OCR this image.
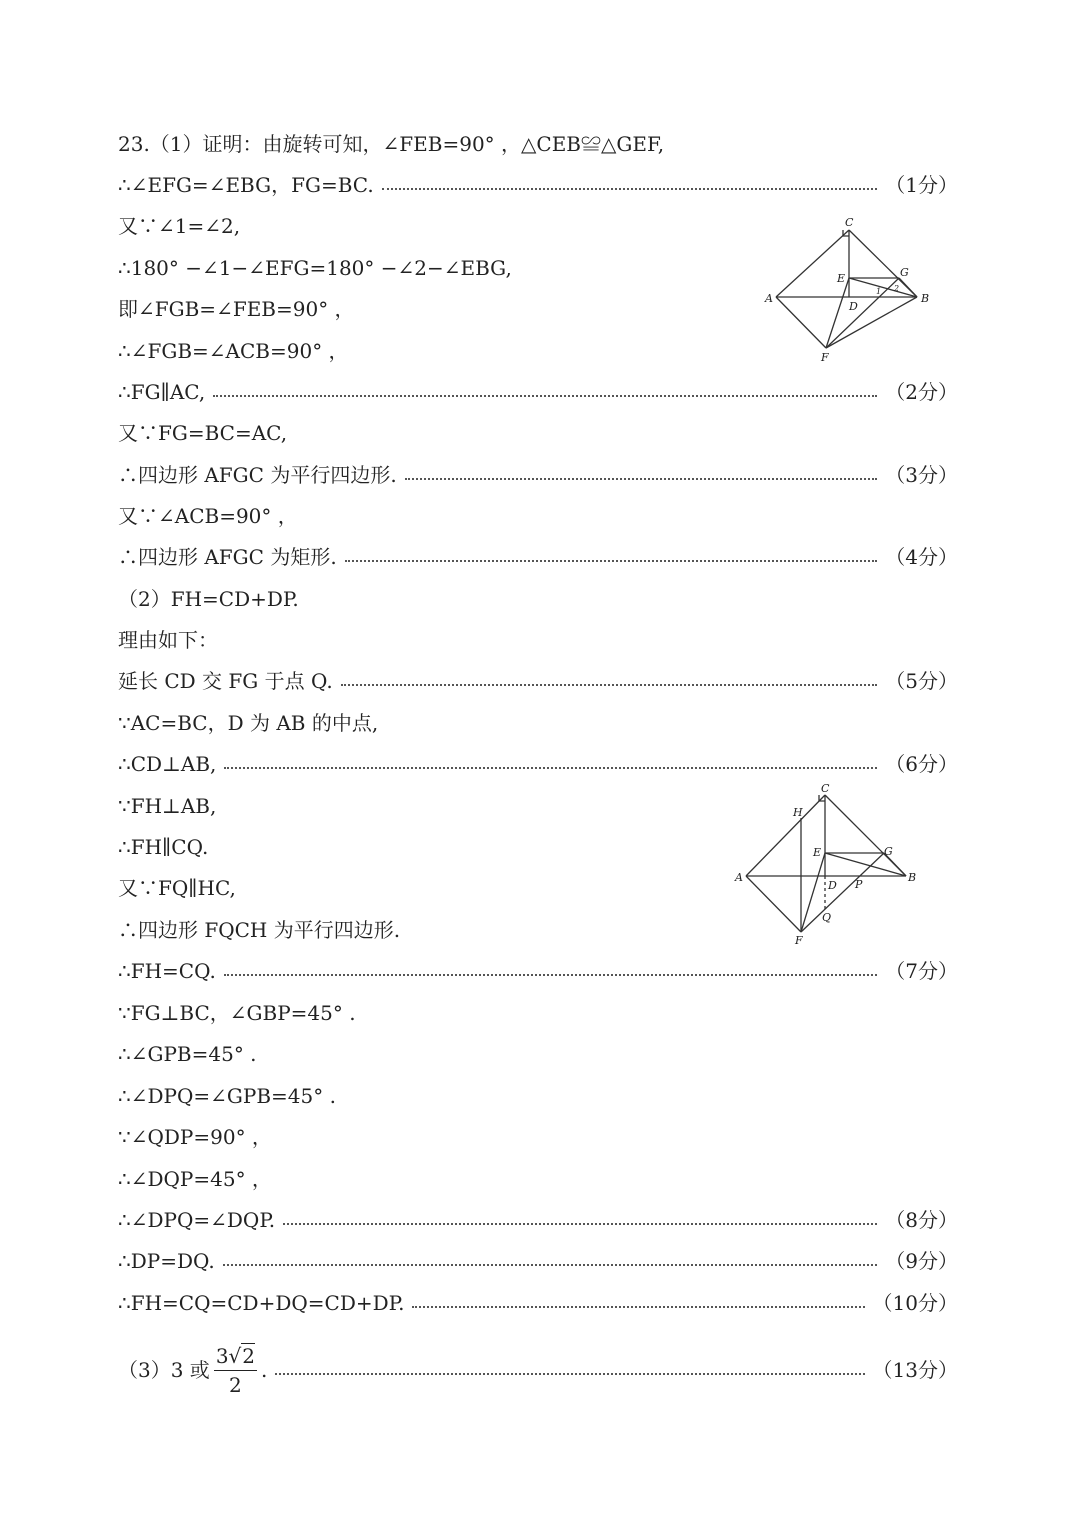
23.（1）证明：由旋转可知，∠FEB=90° ，△CEB≌△GEF,
∴∠EFG=∠EBG，FG=BC.	（1分）
又∵∠1=∠2,
∴180° −∠1−∠EFG=180° −∠2−∠EBG,
即∠FGB=∠FEB=90° ，
∴∠FGB=∠ACB=90° ，
∴FG∥AC,	（2分）
又∵FG=BC=AC,
∴四边形 AFGC 为平行四边形.	（3分）
又∵∠ACB=90° ，
∴四边形 AFGC 为矩形.	（4分）
（2）FH=CD+DP.
理由如下：
延长 CD 交 FG 于点 Q.	（5分）
∵AC=BC，D 为 AB 的中点,
∴CD⊥AB,	（6分）
∵FH⊥AB,
∴FH∥CQ.
又∵FQ∥HC,
∴四边形 FQCH 为平行四边形.
∴FH=CQ.	（7分）
∵FG⊥BC，∠GBP=45° .
∴∠GPB=45° .
∴∠DPQ=∠GPB=45° .
∵∠QDP=90° ，
∴∠DQP=45° ，
∴∠DPQ=∠DQP.	（8分）
∴DP=DQ.	（9分）
∴FH=CQ=CD+DQ=CD+DP.	（10分）
（3）3 或 $\frac{3√2}{2}$ .	（13分）
C
A	B
E	G
D
F
1 2
C
H
A	B
E	G
D P
Q
F
